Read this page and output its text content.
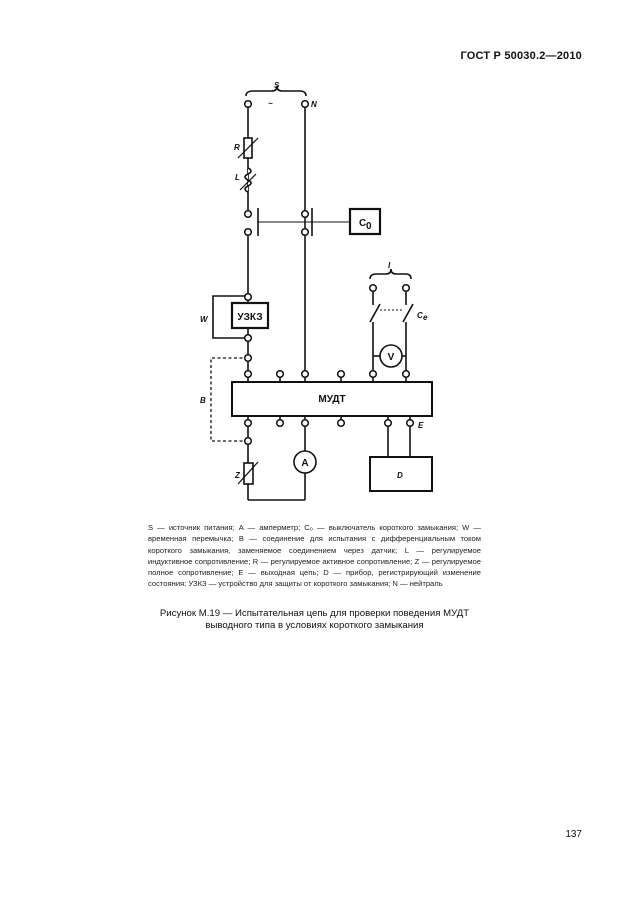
ГОСТ Р 50030.2—2010
S
~	N
R
L
C 0
W	УЗКЗ
B	МУДТ
Z
A
I
V
C e
E
D
S — источник питания; A — амперметр; C₀ — выключатель короткого замыкания; W — временная перемычка; B — соединение для испытания с дифференциальным током короткого замыкания, заменяемое соединением через датчик; L — регулируемое индуктивное сопротивление; R — регулируемое активное сопротивление; Z — регулируемое полное сопротивление; E — выходная цепь; D — прибор, регистрирующий изменение состояния; УЗКЗ — устройство для защиты от короткого замыкания; N — нейтраль
Рисунок М.19 — Испытательная цепь для проверки поведения МУДТ выводного типа в условиях короткого замыкания
137
